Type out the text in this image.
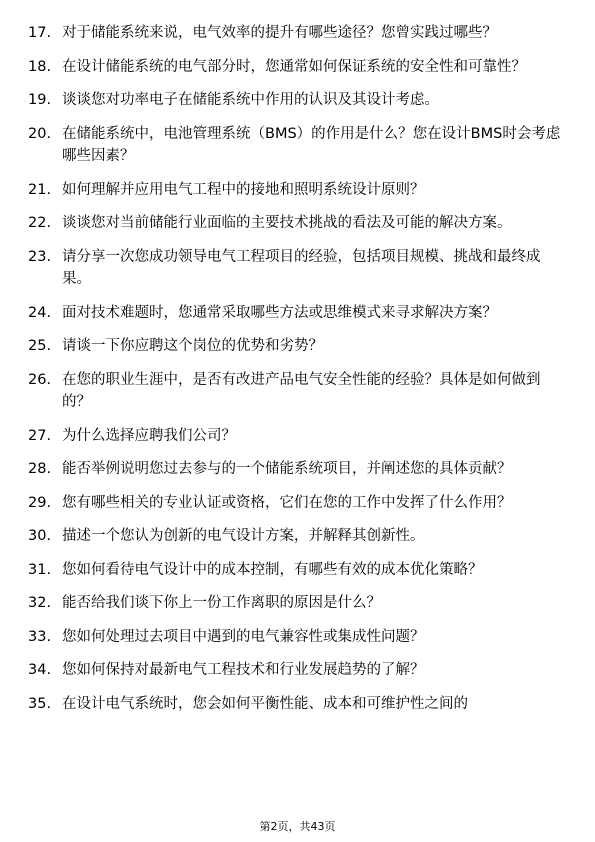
17. 对于储能系统来说，电气效率的提升有哪些途径？您曾实践过哪些？
18. 在设计储能系统的电气部分时，您通常如何保证系统的安全性和可靠性？
19. 谈谈您对功率电子在储能系统中作用的认识及其设计考虑。
20. 在储能系统中，电池管理系统（BMS）的作用是什么？您在设计BMS时会考虑哪些因素？
21. 如何理解并应用电气工程中的接地和照明系统设计原则？
22. 谈谈您对当前储能行业面临的主要技术挑战的看法及可能的解决方案。
23. 请分享一次您成功领导电气工程项目的经验，包括项目规模、挑战和最终成果。
24. 面对技术难题时，您通常采取哪些方法或思维模式来寻求解决方案？
25. 请谈一下你应聘这个岗位的优势和劣势？
26. 在您的职业生涯中，是否有改进产品电气安全性能的经验？具体是如何做到的？
27. 为什么选择应聘我们公司？
28. 能否举例说明您过去参与的一个储能系统项目，并阐述您的具体贡献？
29. 您有哪些相关的专业认证或资格，它们在您的工作中发挥了什么作用？
30. 描述一个您认为创新的电气设计方案，并解释其创新性。
31. 您如何看待电气设计中的成本控制，有哪些有效的成本优化策略？
32. 能否给我们谈下你上一份工作离职的原因是什么？
33. 您如何处理过去项目中遇到的电气兼容性或集成性问题？
34. 您如何保持对最新电气工程技术和行业发展趋势的了解？
35. 在设计电气系统时，您会如何平衡性能、成本和可维护性之间的
第2页，共43页
